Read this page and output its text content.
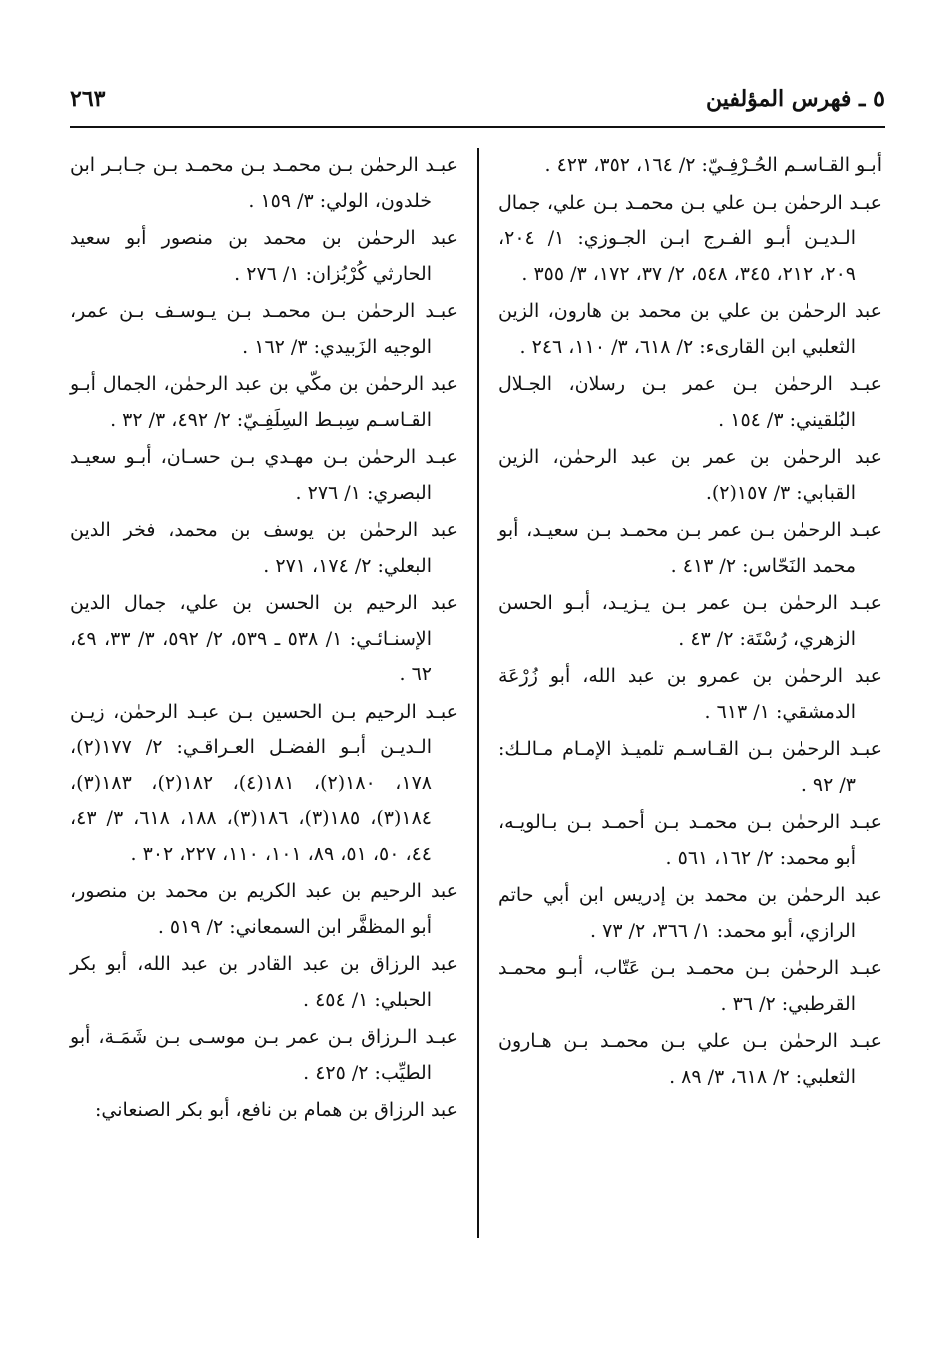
٥ ـ فهرس المؤلفين
٢٦٣

أبـو القـاسـم الحُـرْفِـيّ: ٢/ ١٦٤، ٣٥٢، ٤٢٣ .

عبـد الرحمٰن بـن علي بـن محمـد بـن علي، جمال الـديـن أبـو الفـرج ابـن الجـوزي: ١/ ٢٠٤، ٢٠٩، ٢١٢، ٣٤٥، ٥٤٨، ٢/ ٣٧، ١٧٢، ٣/ ٣٥٥ .

عبد الرحمٰن بن علي بن محمد بن هارون، الزين الثعلبي ابن القارىء: ٢/ ٦١٨، ٣/ ١١٠، ٢٤٦ .

عبـد الرحمٰن بـن عمر بـن رسلان، الجـلال البُلقيني: ٣/ ١٥٤ .

عبد الرحمٰن بن عمر بن عبد الرحمٰن، الزين القبابي: ٣/ ١٥٧(٢).

عبـد الرحمٰن بـن عمر بـن محمـد بـن سعيـد، أبو محمد النَحّاس: ٢/ ٤١٣ .

عبـد الرحمٰن بـن عمر بـن يـزيـد، أبـو الحسن الزهري، رُسْتَة: ٢/ ٤٣ .

عبد الرحمٰن بن عمرو بن عبد الله، أبو زُرْعَة الدمشقي: ١/ ٦١٣ .

عبـد الرحمٰن بـن القـاسـم تلميـذ الإمـام مـالـك: ٣/ ٩٢ .

عبـد الرحمٰن بـن محمـد بـن أحمـد بـن بـالويـه، أبو محمد: ٢/ ١٦٢، ٥٦١ .

عبد الرحمٰن بن محمد بن إدريس ابن أبي حاتم الرازي، أبو محمد: ١/ ٣٦٦، ٢/ ٧٣ .

عبـد الرحمٰن بـن محمـد بـن عَتّاب، أبـو محمـد القرطبي: ٢/ ٣٦ .

عبـد الرحمٰن بـن علي بـن محمـد بـن هـارون الثعلبي: ٢/ ٦١٨، ٣/ ٨٩ .

عبـد الرحمٰن بـن محمـد بـن محمـد بـن جـابـر ابن خلدون، الولي: ٣/ ١٥٩ .

عبد الرحمٰن بن محمد بن منصور أبو سعيد الحارثي كُرْبُزان: ١/ ٢٧٦ .

عبـد الرحمٰن بـن محمـد بـن يـوسـف بـن عمر، الوجيه الزَبيدي: ٣/ ١٦٢ .

عبد الرحمٰن بن مكّي بن عبد الرحمٰن، الجمال أبـو القـاسـم سِبـط السِلَفِـيّ: ٢/ ٤٩٢، ٣/ ٣٢ .

عبـد الرحمٰن بـن مهـدي بـن حسـان، أبـو سعيـد البصري: ١/ ٢٧٦ .

عبد الرحمٰن بن يوسف بن محمد، فخر الدين البعلي: ٢/ ١٧٤، ٢٧١ .

عبد الرحيم بن الحسن بن علي، جمال الدين الإسنـائـي: ١/ ٥٣٨ ـ ٥٣٩، ٢/ ٥٩٢، ٣/ ٣٣، ٤٩، ٦٢ .

عبـد الرحيم بـن الحسين بـن عبـد الرحمٰن، زيـن الـديـن أبـو الفضـل العـراقـي: ٢/ ١٧٧(٢)، ١٧٨، ١٨٠(٢)، ١٨١(٤)، ١٨٢(٢)، ١٨٣(٣)، ١٨٤(٣)، ١٨٥(٣)، ١٨٦(٣)، ١٨٨، ٦١٨، ٣/ ٤٣، ٤٤، ٥٠، ٥١، ٨٩، ١٠١، ١١٠، ٢٢٧، ٣٠٢ .

عبد الرحيم بن عبد الكريم بن محمد بن منصور، أبو المظفَّر ابن السمعاني: ٢/ ٥١٩ .

عبد الرزاق بن عبد القادر بن عبد الله، أبو بكر الحبلي: ١/ ٤٥٤ .

عبـد الـرزاق بـن عمر بـن موسـى بـن شَمَـة، أبو الطيِّب: ٢/ ٤٢٥ .

عبد الرزاق بن همام بن نافع، أبو بكر الصنعاني:
